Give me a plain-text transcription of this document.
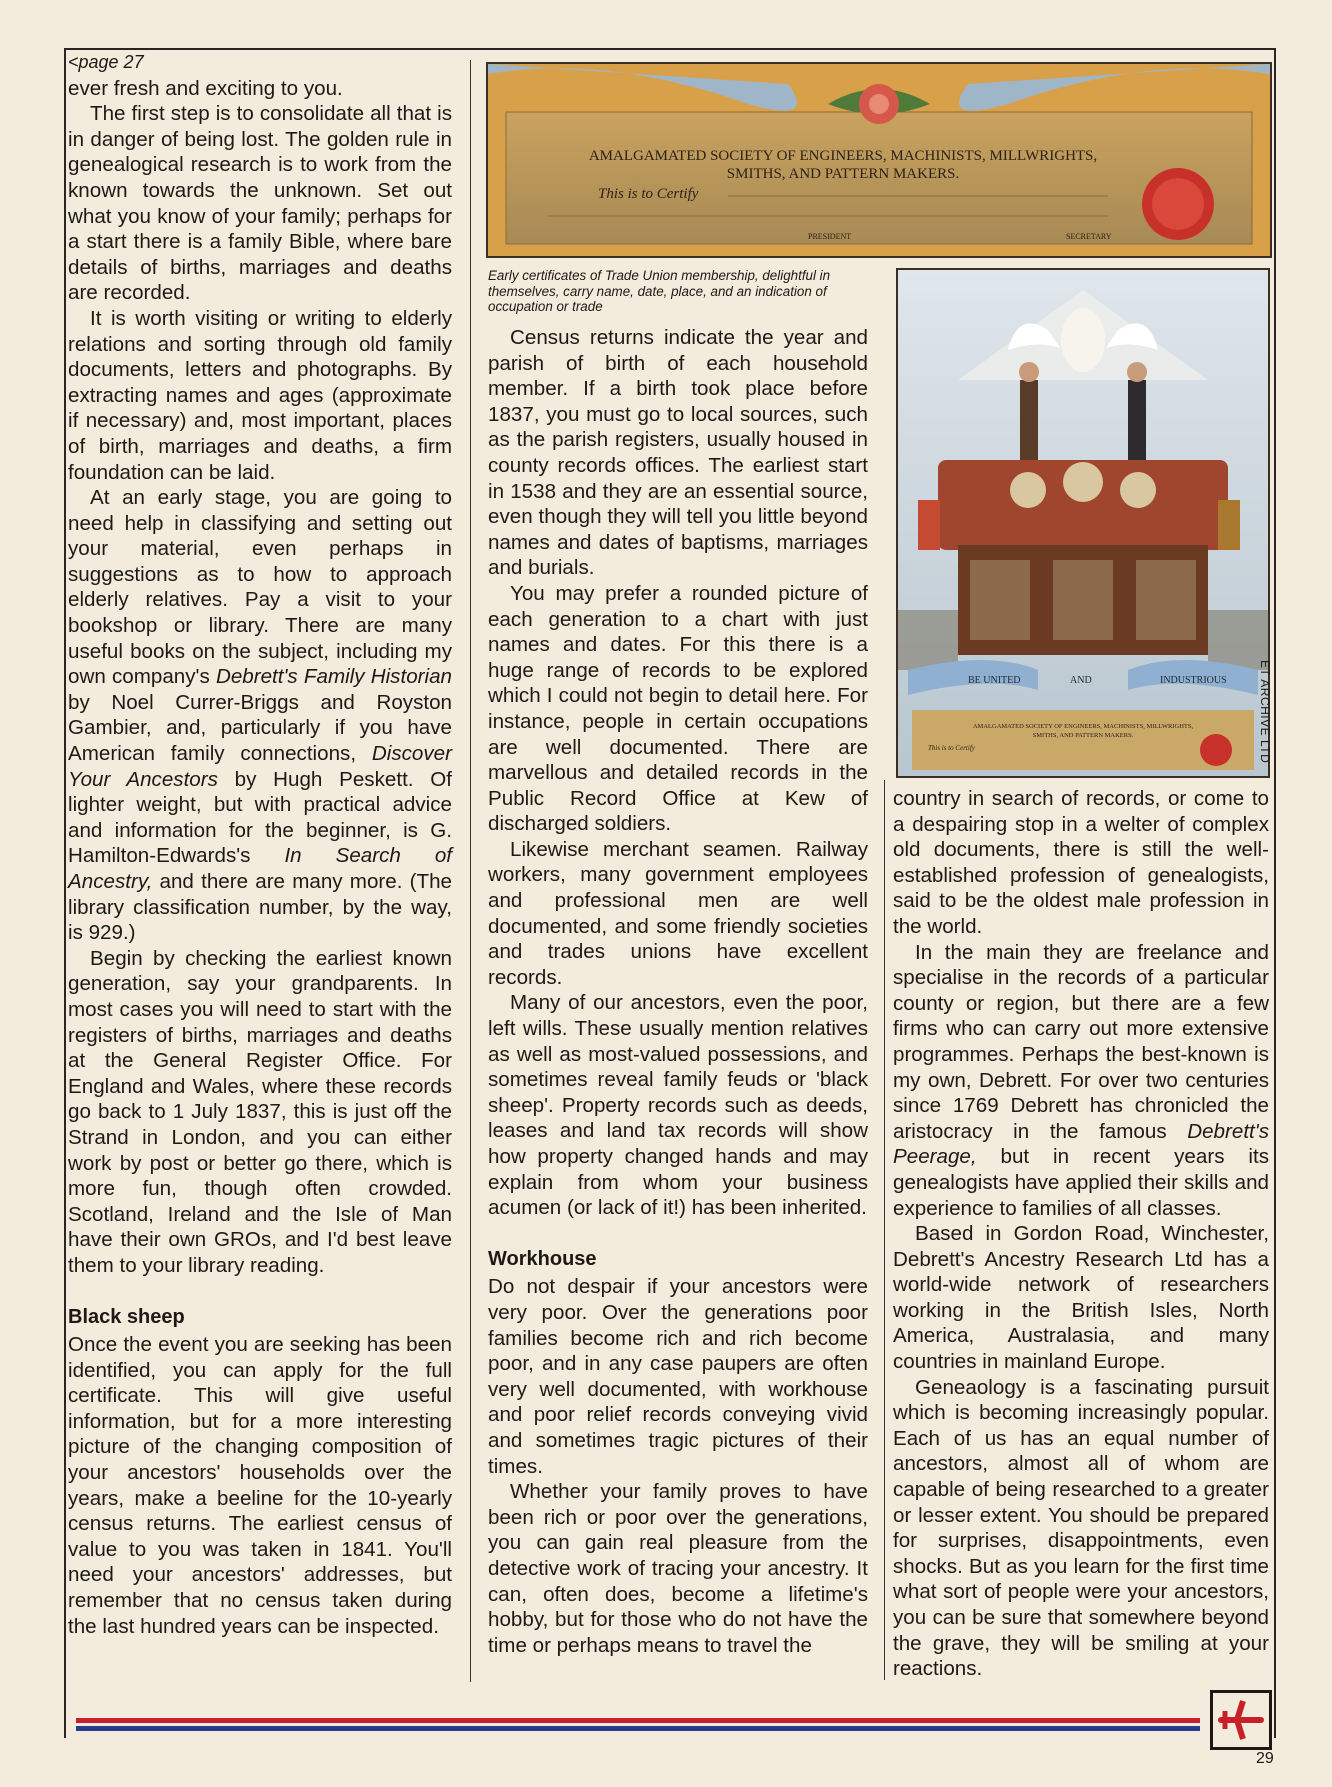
<page 27

ever fresh and exciting to you.

The first step is to consolidate all that is in danger of being lost. The golden rule in genealogical research is to work from the known towards the unknown. Set out what you know of your family; perhaps for a start there is a family Bible, where bare details of births, marriages and deaths are recorded.

It is worth visiting or writing to elderly relations and sorting through old family documents, letters and photographs. By extracting names and ages (approximate if necessary) and, most important, places of birth, marriages and deaths, a firm foundation can be laid.

At an early stage, you are going to need help in classifying and setting out your material, even perhaps in suggestions as to how to approach elderly relatives. Pay a visit to your bookshop or library. There are many useful books on the subject, including my own company's Debrett's Family Historian by Noel Currer-Briggs and Royston Gambier, and, particularly if you have American family connections, Discover Your Ancestors by Hugh Peskett. Of lighter weight, but with practical advice and information for the beginner, is G. Hamilton-Edwards's In Search of Ancestry, and there are many more. (The library classification number, by the way, is 929.)

Begin by checking the earliest known generation, say your grandparents. In most cases you will need to start with the registers of births, marriages and deaths at the General Register Office. For England and Wales, where these records go back to 1 July 1837, this is just off the Strand in London, and you can either work by post or better go there, which is more fun, though often crowded. Scotland, Ireland and the Isle of Man have their own GROs, and I'd best leave them to your library reading.

Black sheep

Once the event you are seeking has been identified, you can apply for the full certificate. This will give useful information, but for a more interesting picture of the changing composition of your ancestors' households over the years, make a beeline for the 10-yearly census returns. The earliest census of value to you was taken in 1841. You'll need your ancestors' addresses, but remember that no census taken during the last hundred years can be inspected.

AMALGAMATED SOCIETY OF ENGINEERS, MACHINISTS, MILLWRIGHTS,
SMITHS, AND PATTERN MAKERS.
This is to Certify
PRESIDENT	SECRETARY
Early certificates of Trade Union membership, delightful in themselves, carry name, date, place, and an indication of occupation or trade
BE UNITED	AND	INDUSTRIOUS
AMALGAMATED SOCIETY OF ENGINEERS, MACHINISTS, MILLWRIGHTS,
SMITHS, AND PATTERN MAKERS.
This is to Certify	ET ARCHIVE LTD

Census returns indicate the year and parish of birth of each household member. If a birth took place before 1837, you must go to local sources, such as the parish registers, usually housed in county records offices. The earliest start in 1538 and they are an essential source, even though they will tell you little beyond names and dates of baptisms, marriages and burials.

You may prefer a rounded picture of each generation to a chart with just names and dates. For this there is a huge range of records to be explored which I could not begin to detail here. For instance, people in certain occupations are well documented. There are marvellous and detailed records in the Public Record Office at Kew of discharged soldiers.

Likewise merchant seamen. Railway workers, many government employees and professional men are well documented, and some friendly societies and trades unions have excellent records.

Many of our ancestors, even the poor, left wills. These usually mention relatives as well as most-valued possessions, and sometimes reveal family feuds or 'black sheep'. Property records such as deeds, leases and land tax records will show how property changed hands and may explain from whom your business acumen (or lack of it!) has been inherited.

Workhouse

Do not despair if your ancestors were very poor. Over the generations poor families become rich and rich become poor, and in any case paupers are often very well documented, with workhouse and poor relief records conveying vivid and sometimes tragic pictures of their times.

Whether your family proves to have been rich or poor over the generations, you can gain real pleasure from the detective work of tracing your ancestry. It can, often does, become a lifetime's hobby, but for those who do not have the time or perhaps means to travel the

country in search of records, or come to a despairing stop in a welter of complex old documents, there is still the well-established profession of genealogists, said to be the oldest male profession in the world.

In the main they are freelance and specialise in the records of a particular county or region, but there are a few firms who can carry out more extensive programmes. Perhaps the best-known is my own, Debrett. For over two centuries since 1769 Debrett has chronicled the aristocracy in the famous Debrett's Peerage, but in recent years its genealogists have applied their skills and experience to families of all classes.

Based in Gordon Road, Winchester, Debrett's Ancestry Research Ltd has a world-wide network of researchers working in the British Isles, North America, Australasia, and many countries in mainland Europe.

Geneaology is a fascinating pursuit which is becoming increasingly popular. Each of us has an equal number of ancestors, almost all of whom are capable of being researched to a greater or lesser extent. You should be prepared for surprises, disappointments, even shocks. But as you learn for the first time what sort of people were your ancestors, you can be sure that somewhere beyond the grave, they will be smiling at your reactions.

29
